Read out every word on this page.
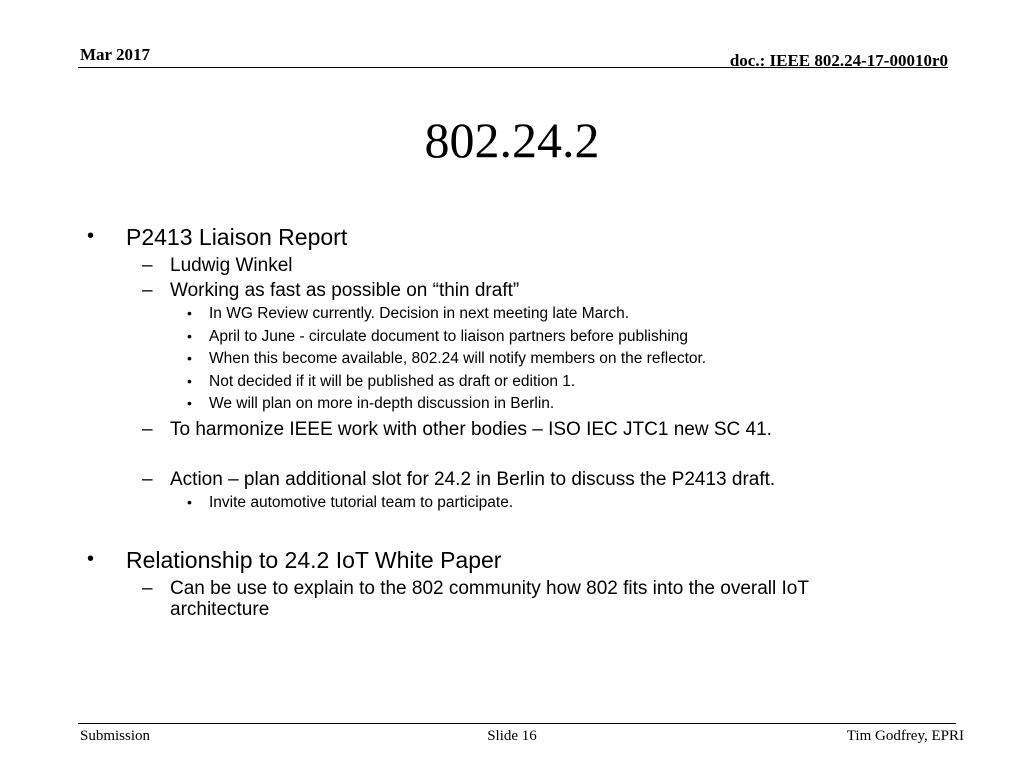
Mar 2017	doc.: IEEE 802.24-17-00010r0
802.24.2
• P2413 Liaison Report
– Ludwig Winkel
– Working as fast as possible on “thin draft”
• In WG Review currently. Decision in next meeting late March.
• April to June - circulate document to liaison partners before publishing
• When this become available, 802.24 will notify members on the reflector.
• Not decided if it will be published as draft or edition 1.
• We will plan on more in-depth discussion in Berlin.
– To harmonize IEEE work with other bodies – ISO IEC JTC1 new SC 41.
– Action – plan additional slot for 24.2 in Berlin to discuss the P2413 draft.
• Invite automotive tutorial team to participate.
• Relationship to 24.2 IoT White Paper
– Can be use to explain to the 802 community how 802 fits into the overall IoT
architecture
Submission	Slide 16	Tim Godfrey, EPRI
